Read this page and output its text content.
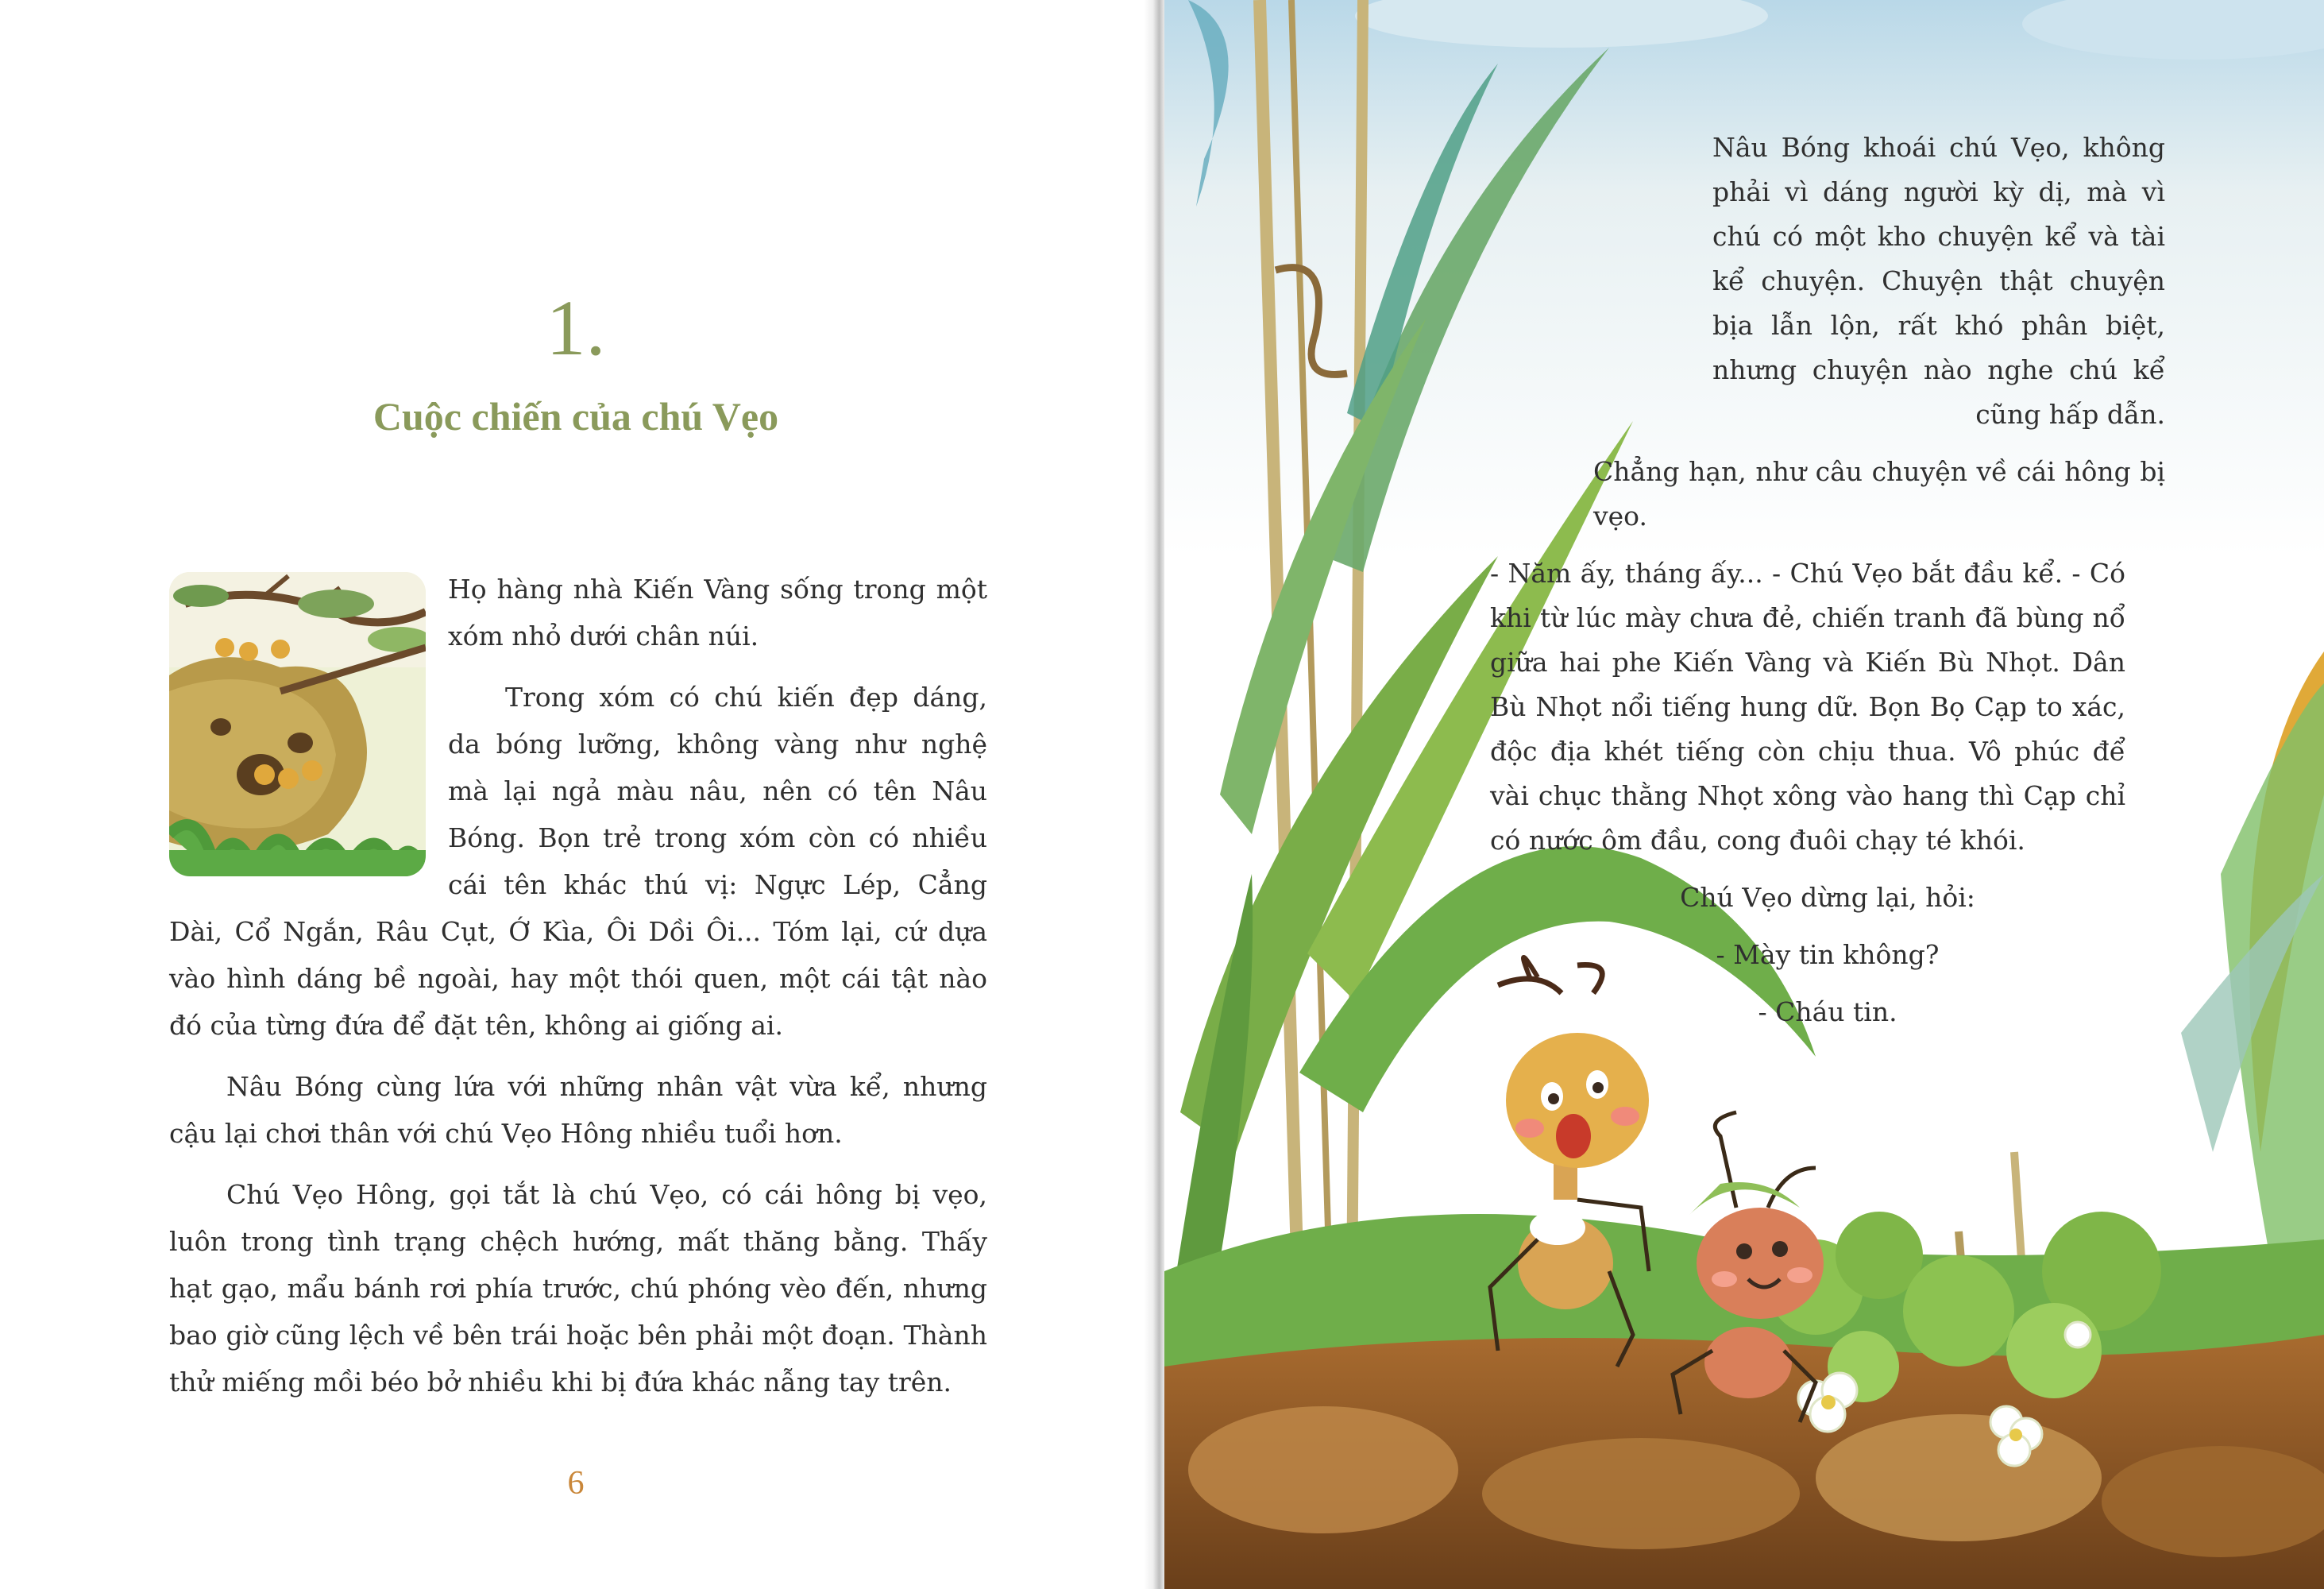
1.
Cuộc chiến của chú Vẹo

Họ hàng nhà Kiến Vàng sống trong một xóm nhỏ dưới chân núi.

Trong xóm có chú kiến đẹp dáng, da bóng lưỡng, không vàng như nghệ mà lại ngả màu nâu, nên có tên Nâu Bóng. Bọn trẻ trong xóm còn có nhiều cái tên khác thú vị: Ngực Lép, Cẳng Dài, Cổ Ngắn, Râu Cụt, Ớ Kìa, Ôi Dồi Ôi... Tóm lại, cứ dựa vào hình dáng bề ngoài, hay một thói quen, một cái tật nào đó của từng đứa để đặt tên, không ai giống ai.

Nâu Bóng cùng lứa với những nhân vật vừa kể, nhưng cậu lại chơi thân với chú Vẹo Hông nhiều tuổi hơn.

Chú Vẹo Hông, gọi tắt là chú Vẹo, có cái hông bị vẹo, luôn trong tình trạng chệch hướng, mất thăng bằng. Thấy hạt gạo, mẩu bánh rơi phía trước, chú phóng vèo đến, nhưng bao giờ cũng lệch về bên trái hoặc bên phải một đoạn. Thành thử miếng mồi béo bở nhiều khi bị đứa khác nẫng tay trên.

6

Nâu Bóng khoái chú Vẹo, không phải vì dáng người kỳ dị, mà vì chú có một kho chuyện kể và tài kể chuyện. Chuyện thật chuyện bịa lẫn lộn, rất khó phân biệt, nhưng chuyện nào nghe chú kể cũng hấp dẫn.

Chẳng hạn, như câu chuyện về cái hông bị vẹo.

- Năm ấy, tháng ấy... - Chú Vẹo bắt đầu kể. - Có khi từ lúc mày chưa đẻ, chiến tranh đã bùng nổ giữa hai phe Kiến Vàng và Kiến Bù Nhọt. Dân Bù Nhọt nổi tiếng hung dữ. Bọn Bọ Cạp to xác, độc địa khét tiếng còn chịu thua. Vô phúc để vài chục thằng Nhọt xông vào hang thì Cạp chỉ có nước ôm đầu, cong đuôi chạy té khói.

Chú Vẹo dừng lại, hỏi:

- Mày tin không?

- Cháu tin.
